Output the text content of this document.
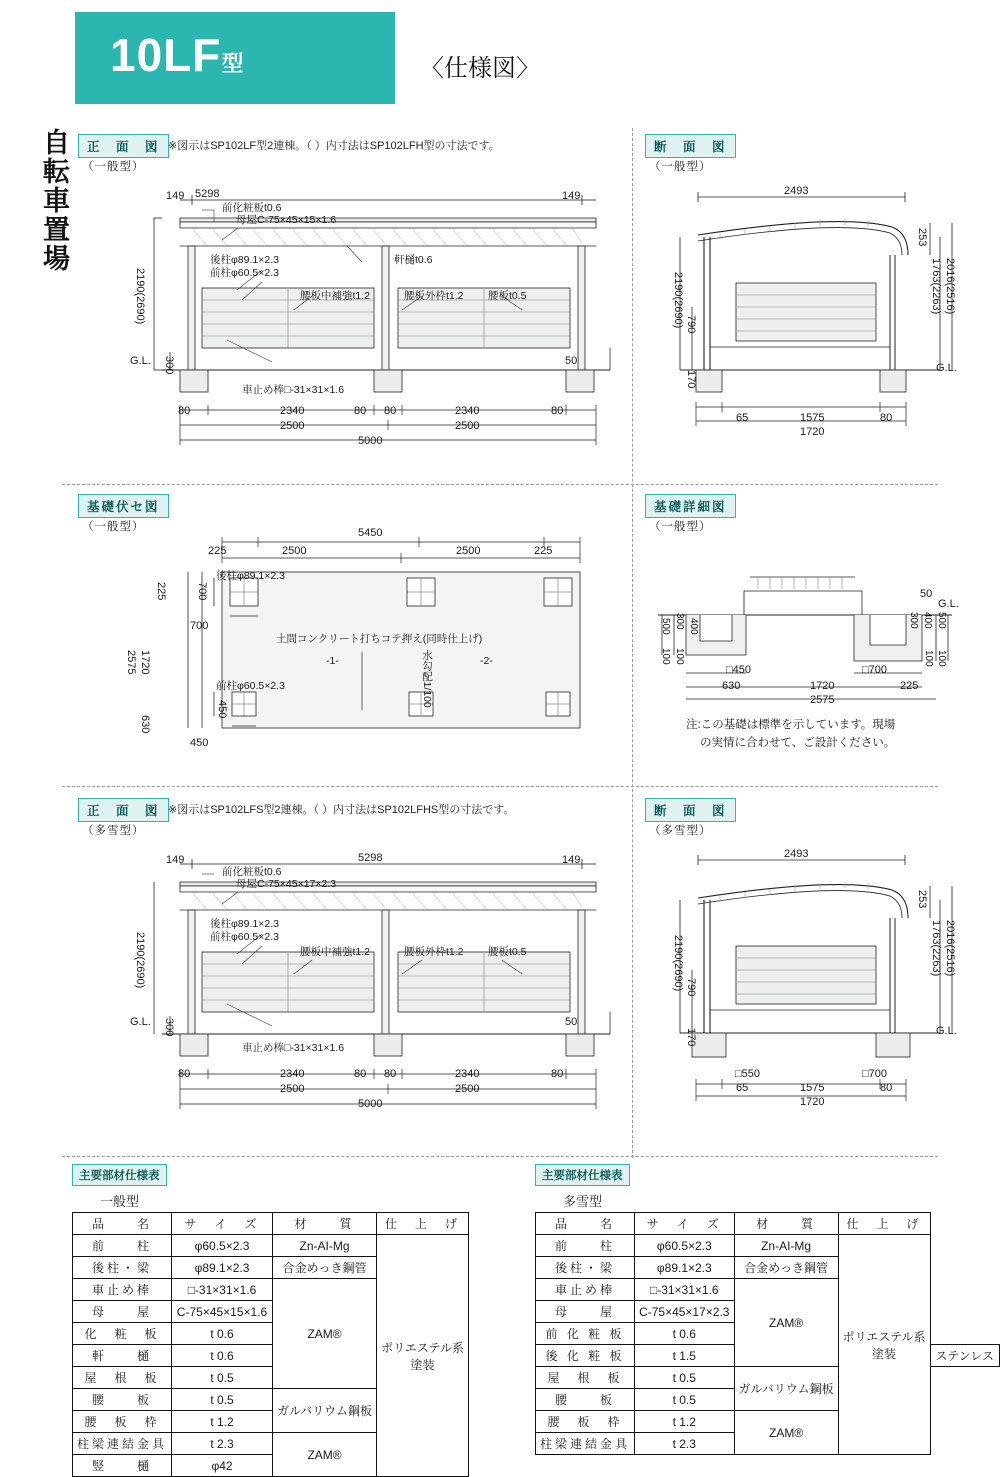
10LF型	〈仕様図〉
自転車置場	正　面　図
（一般型）
※図示はSP102LF型2連棟。（ ）内寸法はSP102LFH型の寸法です。
5298
149	149
2190(2690)
G.L. 300	50
80	2340	80 80	2340	80
2500	2500
5000
前化粧板t0.6
母屋C-75×45×15×1.6
後柱φ89.1×2.3
前柱φ60.5×2.3
軒樋t0.6
腰板中補強t1.2	腰板外枠t1.2 腰板t0.5
車止め棒□-31×31×1.6
断　面　図
（一般型）
2493
253
2190(2690)	1763(2263) 2016(2516)
790
170
G.L.
65	1575	80
1720
基礎伏セ図
（一般型）	5450
225	2500	2500	225
225	700
700
2575 1720
630
450
450
後柱φ89.1×2.3
土間コンクリート打ちコテ押え(同時仕上げ)
-1-	-2-
水勾配1/100
前柱φ60.5×2.3
基礎詳細図
（一般型）
G.L.
50
100 100
300 400
500
100 100
300 400 500
□450	□700
630	1720	225
2575
注:この基礎は標準を示しています。現場
の実情に合わせて、ご設計ください。
正　面　図
（多雪型）
※図示はSP102LFS型2連棟。（ ）内寸法はSP102LFHS型の寸法です。
5298
149	149
2190(2690)
G.L. 300	50
80	2340	80 80	2340	80
2500	2500
5000
前化粧板t0.6
母屋C-75×45×17×2.3
後柱φ89.1×2.3
前柱φ60.5×2.3
腰板中補強t1.2	腰板外枠t1.2 腰板t0.5
車止め棒□-31×31×1.6
断　面　図
（多雪型）
2493
253
2190(2690)	1763(2263) 2016(2516)
790
170	G.L.
□550	□700
65	1575	80
1720
主要部材仕様表
一般型
品　　名	サ　イ　ズ	材　　質	仕　上　げ
前　　柱	φ60.5×2.3	Zn-AI-Mg	ポリエステル系
塗装
後柱・梁	φ89.1×2.3	合金めっき鋼管	
車止め棒	□-31×31×1.6	ZAM®	
母　　屋	C-75×45×15×1.6		
化　粧　板	t 0.6		
軒　　樋	t 0.6		
屋　根　板	t 0.5		
腰　　板	t 0.5	ガルバリウム鋼板	
腰　板　枠	t 1.2		
柱梁連結金具	t 2.3	ZAM®	
竪　　樋	φ42		
主要部材仕様表
多雪型
品　　名	サ　イ　ズ	材　　質	仕　上　げ	
前　　柱	φ60.5×2.3	Zn-AI-Mg	ポリエステル系
塗装	
後柱・梁	φ89.1×2.3	合金めっき鋼管		
車止め棒	□-31×31×1.6	ZAM®		
母　　屋	C-75×45×17×2.3			
前 化 粧 板	t 0.6			
後 化 粧 板	t 1.5			ステンレス
屋　根　板	t 0.5	ガルバリウム鋼板		
腰　　板	t 0.5			
腰　板　枠	t 1.2	ZAM®		
柱梁連結金具	t 2.3			
